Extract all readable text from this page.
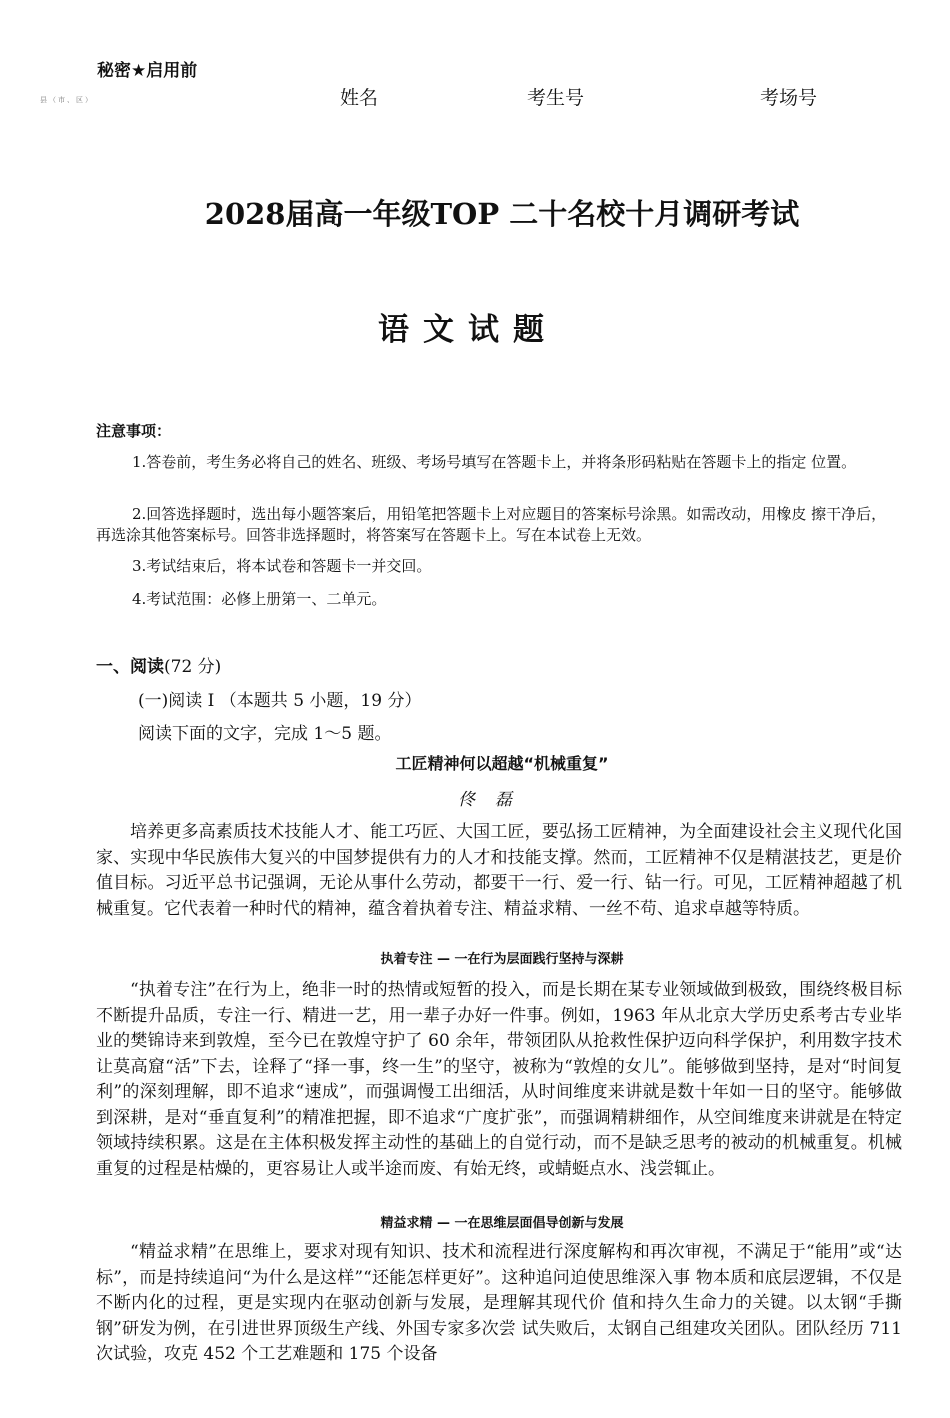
秘密★启用前
县（市、区）	姓名	考生号	考场号
2028届高一年级TOP 二十名校十月调研考试
语文试题
注意事项：
1.答卷前，考生务必将自己的姓名、班级、考场号填写在答题卡上，并将条形码粘贴在答题卡上的指定 位置。
2.回答选择题时，选出每小题答案后，用铅笔把答题卡上对应题目的答案标号涂黑。如需改动，用橡皮 擦干净后，再选涂其他答案标号。回答非选择题时，将答案写在答题卡上。写在本试卷上无效。
3.考试结束后，将本试卷和答题卡一并交回。
4.考试范围：必修上册第一、二单元。
一、阅读(72 分)
(一)阅读 I （本题共 5 小题，19 分）
阅读下面的文字，完成 1～5 题。
工匠精神何以超越“机械重复”
佟磊
培养更多高素质技术技能人才、能工巧匠、大国工匠，要弘扬工匠精神，为全面建设社会主义现代化国家、实现中华民族伟大复兴的中国梦提供有力的人才和技能支撑。然而，工匠精神不仅是精湛技艺，更是价值目标。习近平总书记强调，无论从事什么劳动，都要干一行、爱一行、钻一行。可见，工匠精神超越了机械重复。它代表着一种时代的精神，蕴含着执着专注、精益求精、一丝不苟、追求卓越等特质。
执着专注 — 一在行为层面践行坚持与深耕
“执着专注”在行为上，绝非一时的热情或短暂的投入，而是长期在某专业领域做到极致，围绕终极目标不断提升品质，专注一行、精进一艺，用一辈子办好一件事。例如，1963 年从北京大学历史系考古专业毕业的樊锦诗来到敦煌，至今已在敦煌守护了 60 余年，带领团队从抢救性保护迈向科学保护，利用数字技术让莫高窟“活”下去，诠释了“择一事，终一生”的坚守，被称为“敦煌的女儿”。能够做到坚持，是对“时间复利”的深刻理解，即不追求“速成”，而强调慢工出细活，从时间维度来讲就是数十年如一日的坚守。能够做到深耕，是对“垂直复利”的精准把握，即不追求“广度扩张”，而强调精耕细作，从空间维度来讲就是在特定领域持续积累。这是在主体积极发挥主动性的基础上的自觉行动，而不是缺乏思考的被动的机械重复。机械重复的过程是枯燥的，更容易让人或半途而废、有始无终，或蜻蜓点水、浅尝辄止。
精益求精 — 一在思维层面倡导创新与发展
“精益求精”在思维上，要求对现有知识、技术和流程进行深度解构和再次审视，不满足于“能用”或“达标”，而是持续追问“为什么是这样”“还能怎样更好”。这种追问迫使思维深入事 物本质和底层逻辑，不仅是不断内化的过程，更是实现内在驱动创新与发展，是理解其现代价 值和持久生命力的关键。以太钢“手撕钢”研发为例，在引进世界顶级生产线、外国专家多次尝 试失败后，太钢自己组建攻关团队。团队经历 711 次试验，攻克 452 个工艺难题和 175 个设备
